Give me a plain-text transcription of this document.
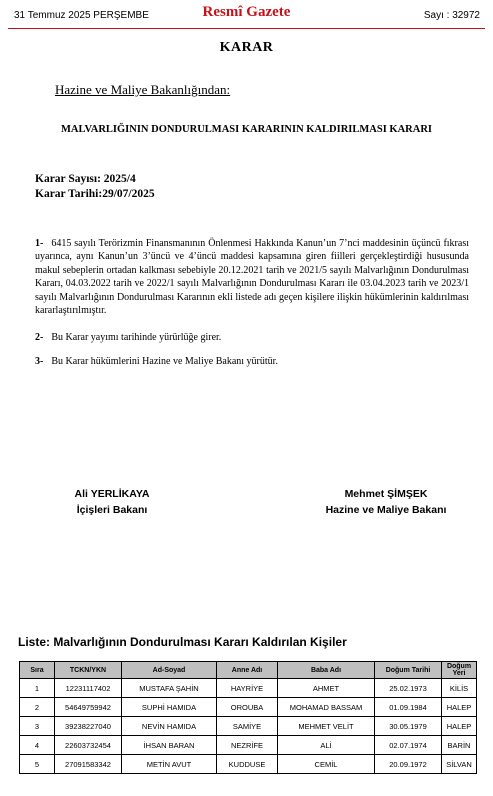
31 Temmuz 2025 PERŞEMBE	Resmî Gazete	Sayı : 32972
KARAR
Hazine ve Maliye Bakanlığından:
MALVARLIĞININ DONDURULMASI KARARININ KALDIRILMASI KARARI
Karar Sayısı: 2025/4
Karar Tarihi:29/07/2025
1- 6415 sayılı Terörizmin Finansmanının Önlenmesi Hakkında Kanun’un 7’nci maddesinin üçüncü fıkrası uyarınca, aynı Kanun’un 3’üncü ve 4’üncü maddesi kapsamına giren fiilleri gerçekleştirdiği hususunda makul sebeplerin ortadan kalkması sebebiyle 20.12.2021 tarih ve 2021/5 sayılı Malvarlığının Dondurulması Kararı, 04.03.2022 tarih ve 2022/1 sayılı Malvarlığının Dondurulması Kararı ile 03.04.2023 tarih ve 2023/1 sayılı Malvarlığının Dondurulması Kararının ekli listede adı geçen kişilere ilişkin hükümlerinin kaldırılması kararlaştırılmıştır.
2- Bu Karar yayımı tarihinde yürürlüğe girer.
3- Bu Karar hükümlerini Hazine ve Maliye Bakanı yürütür.
Ali YERLİKAYA
İçişleri Bakanı
Mehmet ŞİMŞEK
Hazine ve Maliye Bakanı
Liste: Malvarlığının Dondurulması Kararı Kaldırılan Kişiler
Sıra	TCKN/YKN	Ad-Soyad	Anne Adı	Baba Adı	Doğum Tarihi	Doğum Yeri
1	12231117402	MUSTAFA ŞAHİN	HAYRİYE	AHMET	25.02.1973	KİLİS
2	54649759942	SUPHİ HAMIDA	OROUBA	MOHAMAD BASSAM	01.09.1984	HALEP
3	39238227040	NEVİN HAMIDA	SAMİYE	MEHMET VELİT	30.05.1979	HALEP
4	22603732454	İHSAN BARAN	NEZRİFE	ALİ	02.07.1974	BARİN
5	27091583342	METİN AVUT	KUDDUSE	CEMİL	20.09.1972	SİLVAN
